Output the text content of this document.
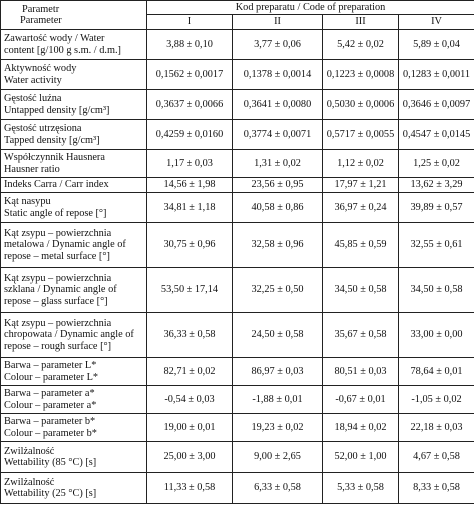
Parametr
Parameter	Kod preparatu / Code of preparation			
	I	II	III	IV

Zawartość wody / Water
content [g/100 g s.m. / d.m.]	3,88 ± 0,10	3,77 ± 0,06	5,42 ± 0,02	5,89 ± 0,04

Aktywność wody
Water activity	0,1562 ± 0,0017	0,1378 ± 0,0014	0,1223 ± 0,0008	0,1283 ± 0,0011

Gęstość luźna
Untapped density [g/cm³]	0,3637 ± 0,0066	0,3641 ± 0,0080	0,5030 ± 0,0006	0,3646 ± 0,0097

Gęstość utrzęsiona
Tapped density [g/cm³]	0,4259 ± 0,0160	0,3774 ± 0,0071	0,5717 ± 0,0055	0,4547 ± 0,0145

Współczynnik Hausnera
Hausner ratio	1,17 ± 0,03	1,31 ± 0,02	1,12 ± 0,02	1,25 ± 0,02

Indeks Carra / Carr index	14,56 ± 1,98	23,56 ± 0,95	17,97 ± 1,21	13,62 ± 3,29

Kąt nasypu
Static angle of repose [°]	34,81 ± 1,18	40,58 ± 0,86	36,97 ± 0,24	39,89 ± 0,57

Kąt zsypu – powierzchnia
metalowa / Dynamic angle of
repose – metal surface [°]	30,75 ± 0,96	32,58 ± 0,96	45,85 ± 0,59	32,55 ± 0,61

Kąt zsypu – powierzchnia
szklana / Dynamic angle of
repose – glass surface [°]	53,50 ± 17,14	32,25 ± 0,50	34,50 ± 0,58	34,50 ± 0,58

Kąt zsypu – powierzchnia
chropowata / Dynamic angle of
repose – rough surface [°]	36,33 ± 0,58	24,50 ± 0,58	35,67 ± 0,58	33,00 ± 0,00

Barwa – parameter L*
Colour – parameter L*	82,71 ± 0,02	86,97 ± 0,03	80,51 ± 0,03	78,64 ± 0,01

Barwa – parameter a*
Colour – parameter a*	-0,54 ± 0,03	-1,88 ± 0,01	-0,67 ± 0,01	-1,05 ± 0,02

Barwa – parameter b*
Colour – parameter b*	19,00 ± 0,01	19,23 ± 0,02	18,94 ± 0,02	22,18 ± 0,03

Zwilżalność
Wettability (85 °C) [s]	25,00 ± 3,00	9,00 ± 2,65	52,00 ± 1,00	4,67 ± 0,58

Zwilżalność
Wettability (25 °C) [s]	11,33 ± 0,58	6,33 ± 0,58	5,33 ± 0,58	8,33 ± 0,58
